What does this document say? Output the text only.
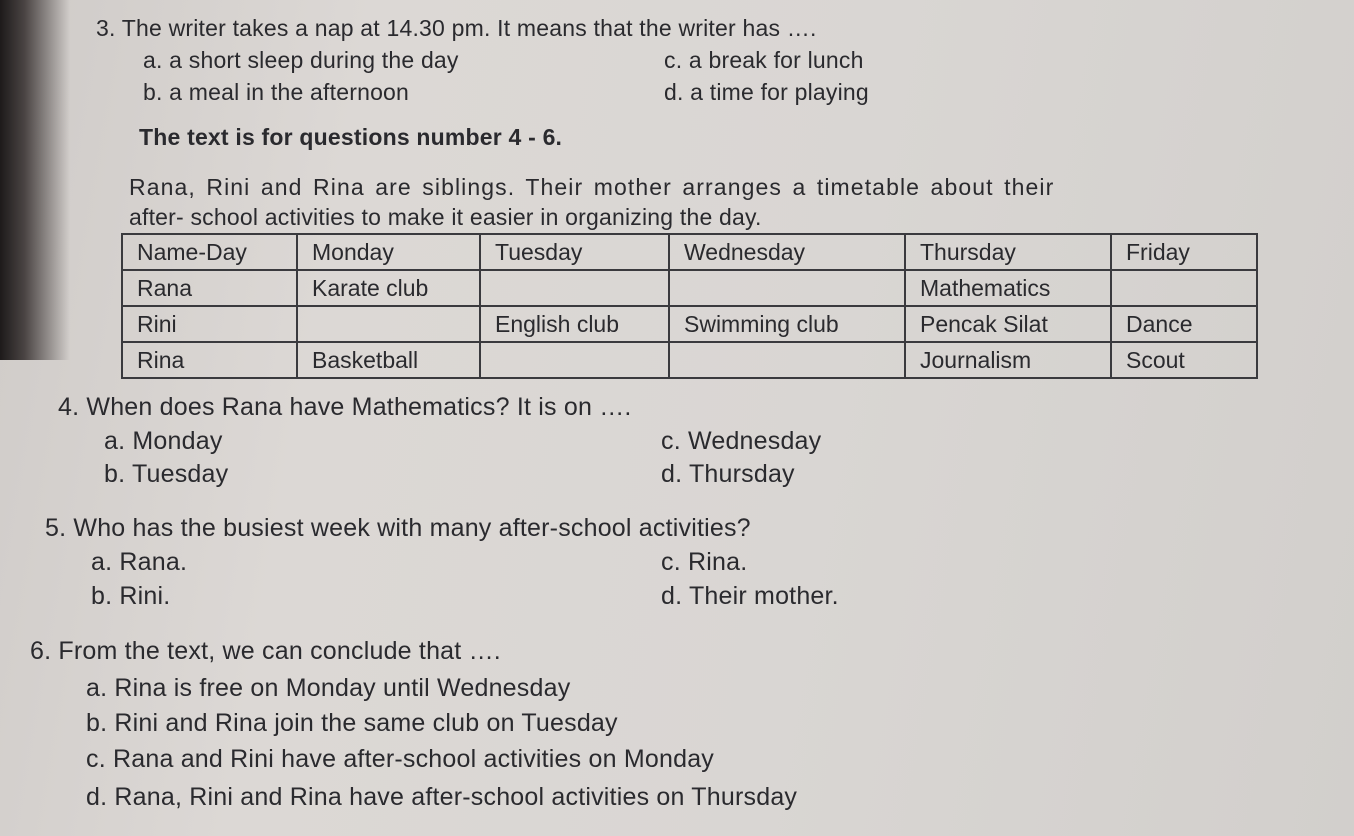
3. The writer takes a nap at 14.30 pm. It means that the writer has ….
a. a short sleep during the day
b. a meal in the afternoon
c. a break for lunch
d. a time for playing
The text is for questions number 4 - 6.
Rana, Rini and Rina are siblings. Their mother arranges a timetable about their
after- school activities to make it easier in organizing the day.
Name-Day	Monday	Tuesday	Wednesday	Thursday	Friday
Rana	Karate club			Mathematics	
Rini		English club	Swimming club	Pencak Silat	Dance
Rina	Basketball			Journalism	Scout
4. When does Rana have Mathematics? It is on ….
a. Monday
b. Tuesday
c. Wednesday
d. Thursday
5. Who has the busiest week with many after-school activities?
a. Rana.
b. Rini.
c. Rina.
d. Their mother.
6. From the text, we can conclude that ….
a. Rina is free on Monday until Wednesday
b. Rini and Rina join the same club on Tuesday
c. Rana and Rini have after-school activities on Monday
d. Rana, Rini and Rina have after-school activities on Thursday
